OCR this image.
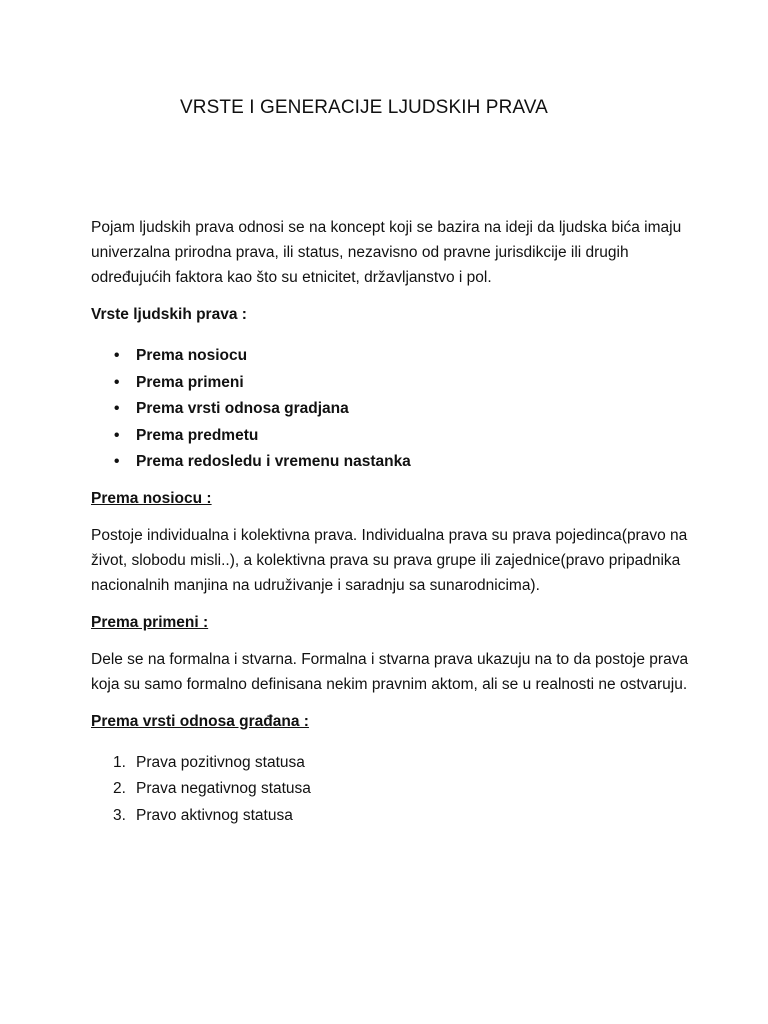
VRSTE I GENERACIJE LJUDSKIH PRAVA

Pojam ljudskih prava odnosi se na koncept koji se bazira na ideji da ljudska bića imaju univerzalna prirodna prava, ili status, nezavisno od pravne jurisdikcije ili drugih određujućih faktora kao što su etnicitet, državljanstvo i pol.

Vrste ljudskih prava :

• Prema nosiocu
• Prema primeni
• Prema vrsti odnosa gradjana
• Prema predmetu
• Prema redosledu i vremenu nastanka

Prema nosiocu :

Postoje individualna i kolektivna prava. Individualna prava su prava pojedinca(pravo na život, slobodu misli..), a kolektivna prava su prava grupe ili zajednice(pravo pripadnika nacionalnih manjina na udruživanje i saradnju sa sunarodnicima).

Prema primeni :

Dele se na formalna i stvarna. Formalna i stvarna prava ukazuju na to da postoje prava koja su samo formalno definisana nekim pravnim aktom, ali se u realnosti ne ostvaruju.

Prema vrsti odnosa građana :

1. Prava pozitivnog statusa
2. Prava negativnog statusa
3. Pravo aktivnog statusa
